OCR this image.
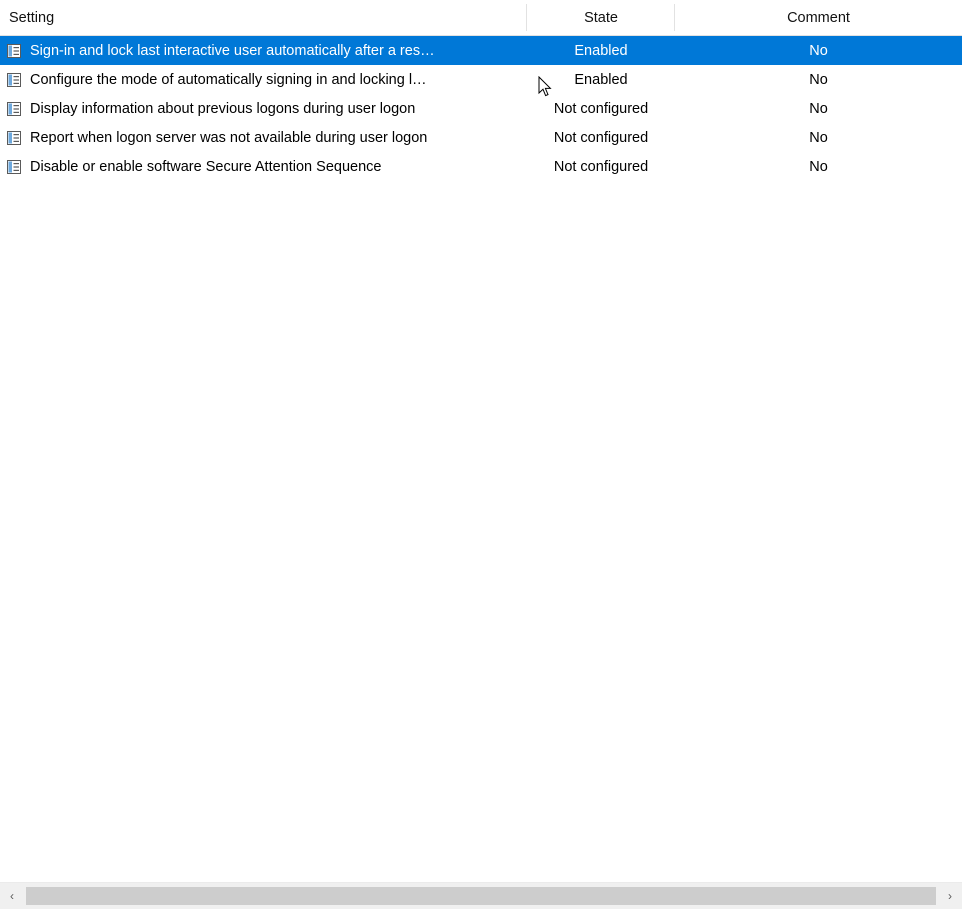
Setting	State	Comment
Sign-in and lock last interactive user automatically after a res…	Enabled	No
Configure the mode of automatically signing in and locking l…	Enabled	No
Display information about previous logons during user logon	Not configured	No
Report when logon server was not available during user logon	Not configured	No
Disable or enable software Secure Attention Sequence	Not configured	No
‹	›
